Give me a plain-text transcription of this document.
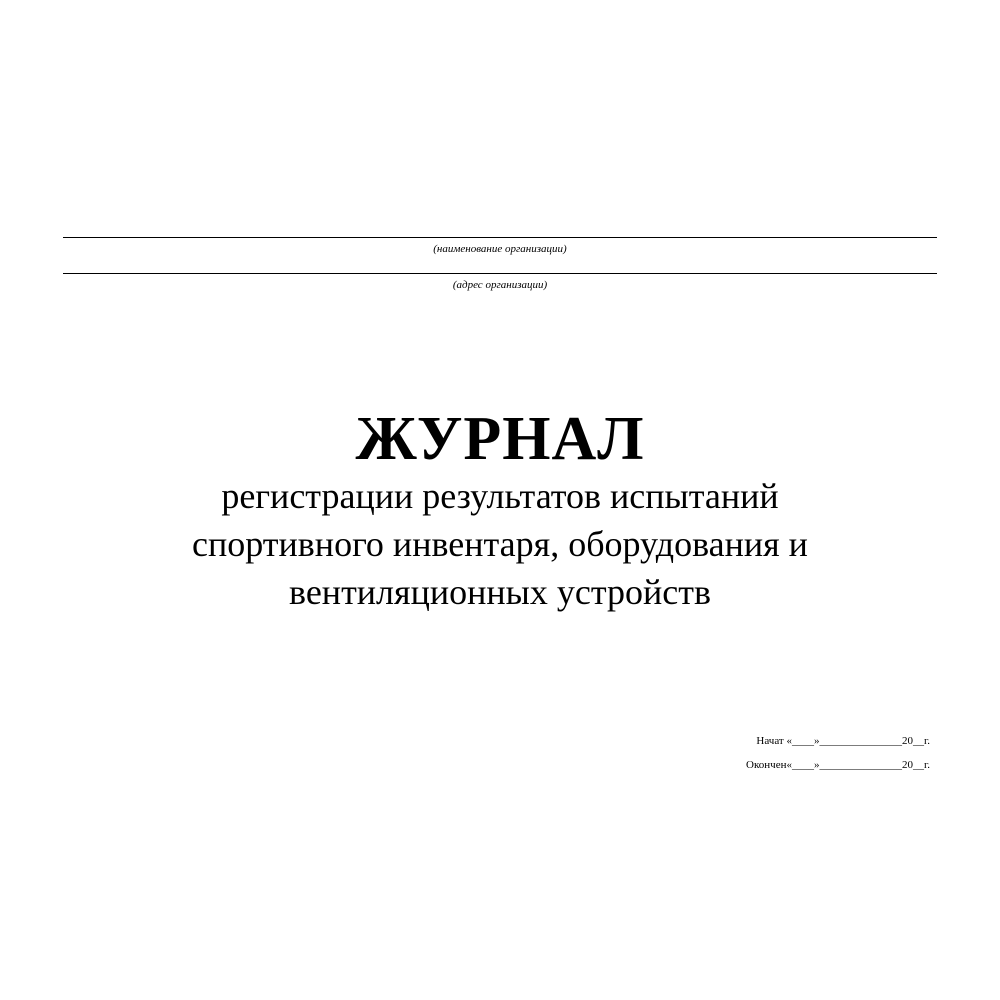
(наименование организации)
(адрес организации)
ЖУРНАЛ
регистрации результатов испытаний
спортивного инвентаря, оборудования и
вентиляционных устройств
Начат «____»_______________20__г.
Окончен«____»_______________20__г.
